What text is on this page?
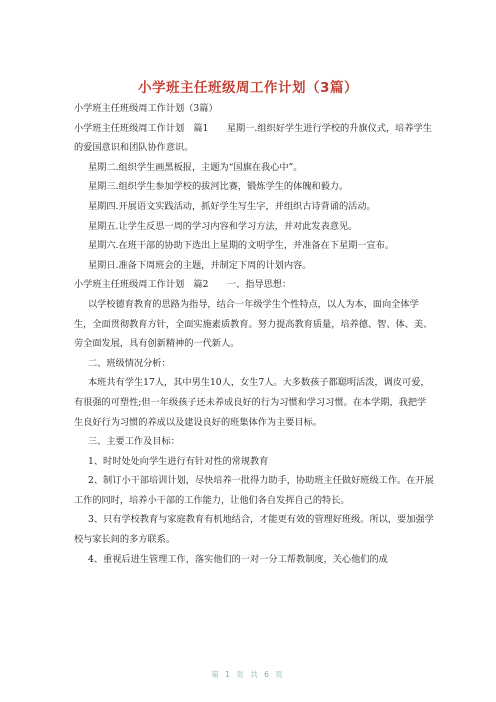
小学班主任班级周工作计划（3篇）

小学班主任班级周工作计划（3篇）

小学班主任班级周工作计划　篇1　　星期一.组织好学生进行学校的升旗仪式，培养学生的爱国意识和团队协作意识。

星期二.组织学生画黑板报，主题为“国旗在我心中”。

星期三.组织学生参加学校的拔河比赛，锻炼学生的体魄和毅力。

星期四.开展语文实践活动，抓好学生写生字，并组织古诗背诵的活动。

星期五.让学生反思一周的学习内容和学习方法，并对此发表意见。

星期六.在班干部的协助下选出上星期的文明学生，并准备在下星期一宣布。

星期日.准备下周班会的主题，并制定下周的计划内容。

小学班主任班级周工作计划　篇2　　一、指导思想：

以学校德育教育的思路为指导，结合一年级学生个性特点，以人为本，面向全体学生，全面贯彻教育方针，全面实施素质教育。努力提高教育质量，培养德、智、体、美、劳全面发展，具有创新精神的一代新人。

二、班级情况分析：

本班共有学生17人，其中男生10人，女生7人。大多数孩子都聪明活泼，调皮可爱，有很强的可塑性;但一年级孩子还未养成良好的行为习惯和学习习惯。在本学期，我把学生良好行为习惯的养成以及建设良好的班集体作为主要目标。

三、主要工作及目标：

1、时时处处向学生进行有针对性的常规教育

2、制订小干部培训计划，尽快培养一批得力助手，协助班主任做好班级工作。在开展工作的同时，培养小干部的工作能力，让他们各自发挥自己的特长。

3、只有学校教育与家庭教育有机地结合，才能更有效的管理好班级。所以，要加强学校与家长间的多方联系。

4、重视后进生管理工作，落实他们的一对一分工帮教制度，关心他们的成

第 1 页 共 6 页
